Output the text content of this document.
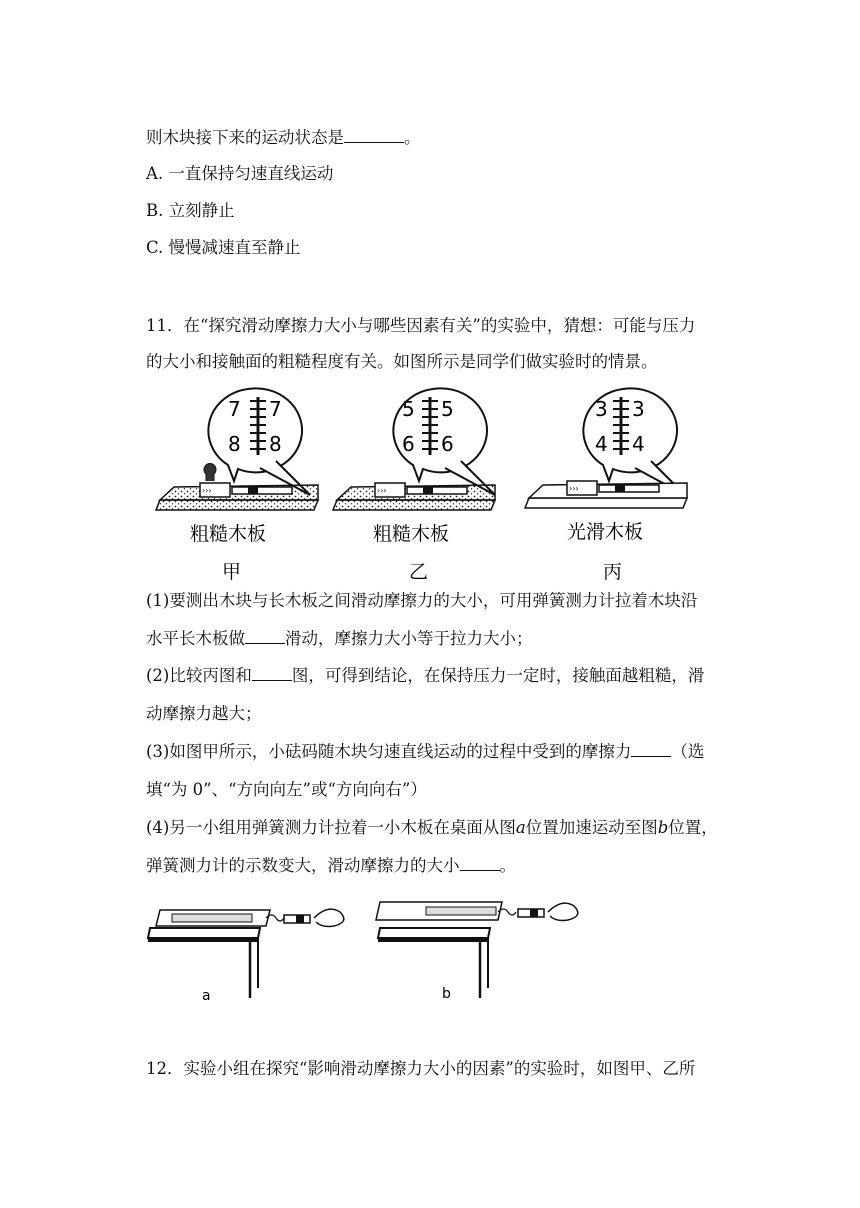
则木块接下来的运动状态是	。
A. 一直保持匀速直线运动
B. 立刻静止
C. 慢慢减速直至静止
11．在“探究滑动摩擦力大小与哪些因素有关”的实验中，猜想：可能与压力
的大小和接触面的粗糙程度有关。如图所示是同学们做实验时的情景。
7 7
8 8
›››
粗糙木板
甲
5 5
6 6
›››
粗糙木板
乙
3 3
4 4
›››
光滑木板
丙
(1)要测出木块与长木板之间滑动摩擦力的大小，可用弹簧测力计拉着木块沿
水平长木板做 滑动，摩擦力大小等于拉力大小；
(2)比较丙图和 图，可得到结论，在保持压力一定时，接触面越粗糙，滑
动摩擦力越大；
(3)如图甲所示，小砝码随木块匀速直线运动的过程中受到的摩擦力 （选
填“为 0”、“方向向左”或“方向向右”）
(4)另一小组用弹簧测力计拉着一小木板在桌面从图a位置加速运动至图b位置，
弹簧测力计的示数变大，滑动摩擦力的大小 。
a	b
12．实验小组在探究“影响滑动摩擦力大小的因素”的实验时，如图甲、乙所
